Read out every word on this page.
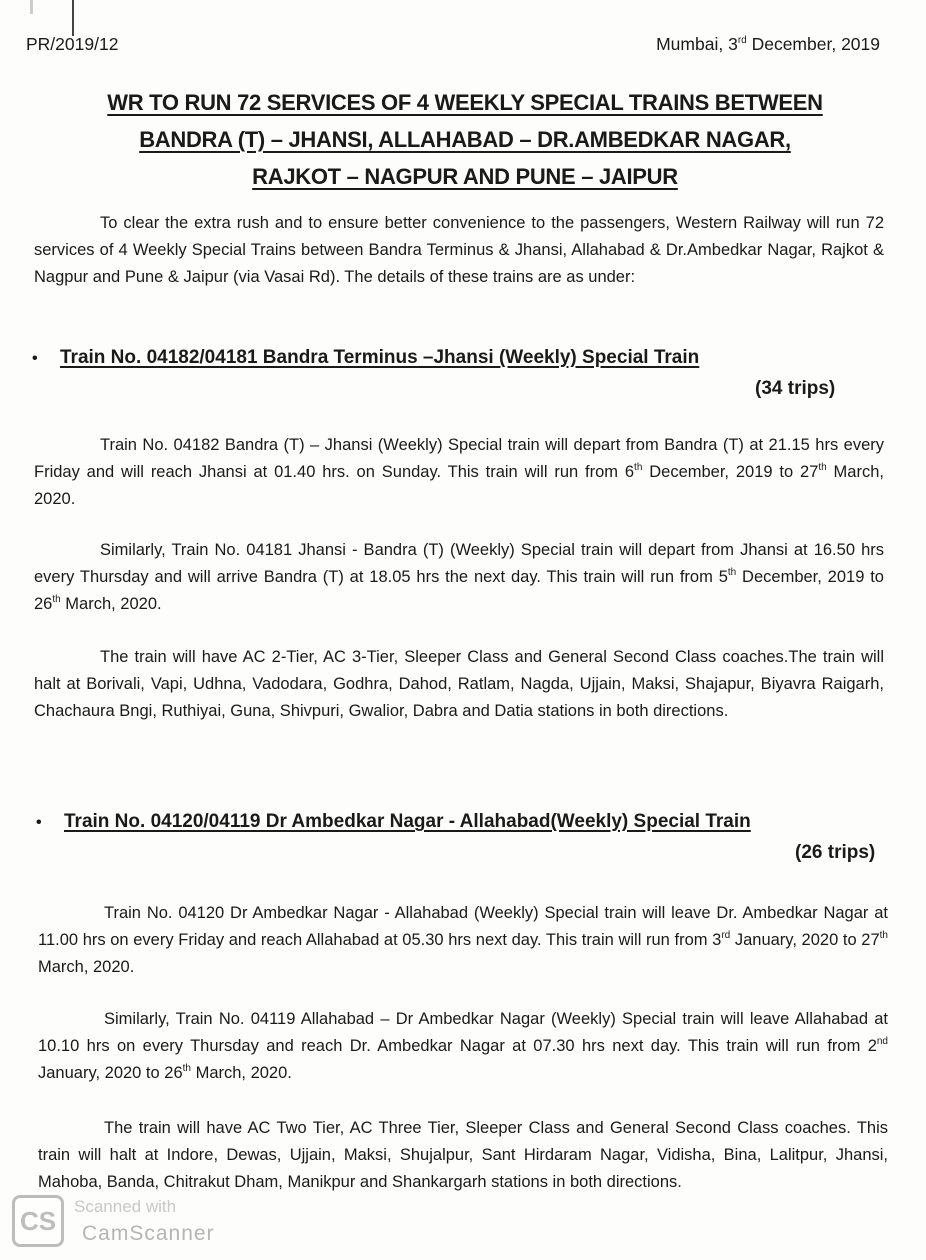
PR/2019/12	Mumbai, 3rd December, 2019
WR TO RUN 72 SERVICES OF 4 WEEKLY SPECIAL TRAINS BETWEEN
BANDRA (T) – JHANSI, ALLAHABAD – DR.AMBEDKAR NAGAR,
RAJKOT – NAGPUR AND PUNE – JAIPUR
To clear the extra rush and to ensure better convenience to the passengers, Western Railway will run 72 services of 4 Weekly Special Trains between Bandra Terminus & Jhansi, Allahabad & Dr.Ambedkar Nagar, Rajkot & Nagpur and Pune & Jaipur (via Vasai Rd). The details of these trains are as under:
• Train No. 04182/04181 Bandra Terminus –Jhansi (Weekly) Special Train
(34 trips)
Train No. 04182 Bandra (T) – Jhansi (Weekly) Special train will depart from Bandra (T) at 21.15 hrs every Friday and will reach Jhansi at 01.40 hrs. on Sunday. This train will run from 6th December, 2019 to 27th March, 2020.
Similarly, Train No. 04181 Jhansi - Bandra (T) (Weekly) Special train will depart from Jhansi at 16.50 hrs every Thursday and will arrive Bandra (T) at 18.05 hrs the next day. This train will run from 5th December, 2019 to 26th March, 2020.
The train will have AC 2-Tier, AC 3-Tier, Sleeper Class and General Second Class coaches.The train will halt at Borivali, Vapi, Udhna, Vadodara, Godhra, Dahod, Ratlam, Nagda, Ujjain, Maksi, Shajapur, Biyavra Raigarh, Chachaura Bngi, Ruthiyai, Guna, Shivpuri, Gwalior, Dabra and Datia stations in both directions.
• Train No. 04120/04119 Dr Ambedkar Nagar - Allahabad(Weekly) Special Train
(26 trips)
Train No. 04120 Dr Ambedkar Nagar - Allahabad (Weekly) Special train will leave Dr. Ambedkar Nagar at 11.00 hrs on every Friday and reach Allahabad at 05.30 hrs next day. This train will run from 3rd January, 2020 to 27th March, 2020.
Similarly, Train No. 04119 Allahabad – Dr Ambedkar Nagar (Weekly) Special train will leave Allahabad at 10.10 hrs on every Thursday and reach Dr. Ambedkar Nagar at 07.30 hrs next day. This train will run from 2nd January, 2020 to 26th March, 2020.
The train will have AC Two Tier, AC Three Tier, Sleeper Class and General Second Class coaches. This train will halt at Indore, Dewas, Ujjain, Maksi, Shujalpur, Sant Hirdaram Nagar, Vidisha, Bina, Lalitpur, Jhansi, Mahoba, Banda, Chitrakut Dham, Manikpur and Shankargarh stations in both directions.
CS	Scanned with
CamScanner
